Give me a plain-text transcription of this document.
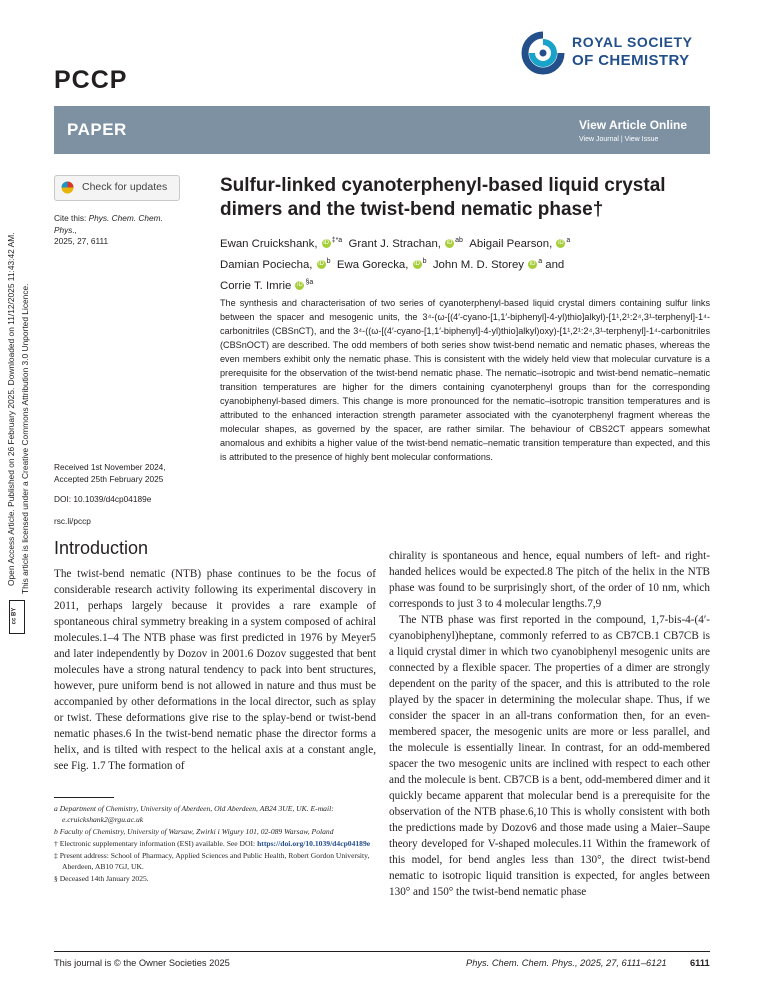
PCCP
ROYAL SOCIETY
OF CHEMISTRY
PAPER	View Article Online
View Journal | View Issue
Open Access Article. Published on 26 February 2025. Downloaded on 11/12/2025 11:43:42 AM. This article is licensed under a Creative Commons Attribution 3.0 Unported Licence.
cc BY
Check for updates
Cite this: Phys. Chem. Chem. Phys.,
2025, 27, 6111
Received 1st November 2024,
Accepted 25th February 2025
DOI: 10.1039/d4cp04189e
rsc.li/pccp
Sulfur-linked cyanoterphenyl-based liquid crystal dimers and the twist-bend nematic phase†
Ewan Cruickshank, iD $^{\ddagger*a}$ Grant J. Strachan, iD $^{ab}$ Abigail Pearson, iD $^a$
Damian Pociecha, iD $^b$ Ewa Gorecka, iD $^b$ John M. D. Storey iD $^a$ and
Corrie T. Imrie iD $^{\S a}$
The synthesis and characterisation of two series of cyanoterphenyl-based liquid crystal dimers containing sulfur links between the spacer and mesogenic units, the 3⁴-(ω-[(4′-cyano-[1,1′-biphenyl]-4-yl)thio]alkyl)-[1¹,2¹:2⁴,3¹-terphenyl]-1⁴-carbonitriles (CBSnCT), and the 3⁴-((ω-[(4′-cyano-[1,1′-biphenyl]-4-yl)thio]alkyl)oxy)-[1¹,2¹:2⁴,3¹-terphenyl]-1⁴-carbonitriles (CBSnOCT) are described. The odd members of both series show twist-bend nematic and nematic phases, whereas the even members exhibit only the nematic phase. This is consistent with the widely held view that molecular curvature is a prerequisite for the observation of the twist-bend nematic phase. The nematic–isotropic and twist-bend nematic–nematic transition temperatures are higher for the dimers containing cyanoterphenyl groups than for the corresponding cyanobiphenyl-based dimers. This change is more pronounced for the nematic–isotropic transition temperatures and is attributed to the enhanced interaction strength parameter associated with the cyanoterphenyl fragment whereas the molecular shapes, as governed by the spacer, are rather similar. The behaviour of CBS2CT appears somewhat anomalous and exhibits a higher value of the twist-bend nematic–nematic transition temperature than expected, and this is attributed to the presence of highly bent molecular conformations.
Introduction

The twist-bend nematic (NTB) phase continues to be the focus of considerable research activity following its experimental discovery in 2011, perhaps largely because it provides a rare example of spontaneous chiral symmetry breaking in a system composed of achiral molecules.1–4 The NTB phase was first predicted in 1976 by Meyer5 and later independently by Dozov in 2001.6 Dozov suggested that bent molecules have a strong natural tendency to pack into bent structures, however, pure uniform bend is not allowed in nature and thus must be accompanied by other deformations in the local director, such as splay or twist. These deformations give rise to the splay-bend or twist-bend nematic phases.6 In the twist-bend nematic phase the director forms a helix, and is tilted with respect to the helical axis at a constant angle, see Fig. 1.7 The formation of

chirality is spontaneous and hence, equal numbers of left- and right-handed helices would be expected.8 The pitch of the helix in the NTB phase was found to be surprisingly short, of the order of 10 nm, which corresponds to just 3 to 4 molecular lengths.7,9

The NTB phase was first reported in the compound, 1,7-bis-4-(4′-cyanobiphenyl)heptane, commonly referred to as CB7CB.1 CB7CB is a liquid crystal dimer in which two cyanobiphenyl mesogenic units are connected by a flexible spacer. The properties of a dimer are strongly dependent on the parity of the spacer, and this is attributed to the role played by the spacer in determining the molecular shape. Thus, if we consider the spacer in an all-trans conformation then, for an even-membered spacer, the mesogenic units are more or less parallel, and the molecule is essentially linear. In contrast, for an odd-membered spacer the two mesogenic units are inclined with respect to each other and the molecule is bent. CB7CB is a bent, odd-membered dimer and it quickly became apparent that molecular bend is a prerequisite for the observation of the NTB phase.6,10 This is wholly consistent with both the predictions made by Dozov6 and those made using a Maier–Saupe theory developed for V-shaped molecules.11 Within the framework of this model, for bend angles less than 130°, the direct twist-bend nematic to isotropic liquid transition is expected, for angles between 130° and 150° the twist-bend nematic phase

a Department of Chemistry, University of Aberdeen, Old Aberdeen, AB24 3UE, UK. E-mail: e.cruickshank2@rgu.ac.uk

b Faculty of Chemistry, University of Warsaw, Zwirki i Wigury 101, 02-089 Warsaw, Poland

† Electronic supplementary information (ESI) available. See DOI: https://doi.org/10.1039/d4cp04189e

‡ Present address: School of Pharmacy, Applied Sciences and Public Health, Robert Gordon University, Aberdeen, AB10 7GJ, UK.

§ Deceased 14th January 2025.

This journal is © the Owner Societies 2025	Phys. Chem. Chem. Phys., 2025, 27, 6111–6121	6111
